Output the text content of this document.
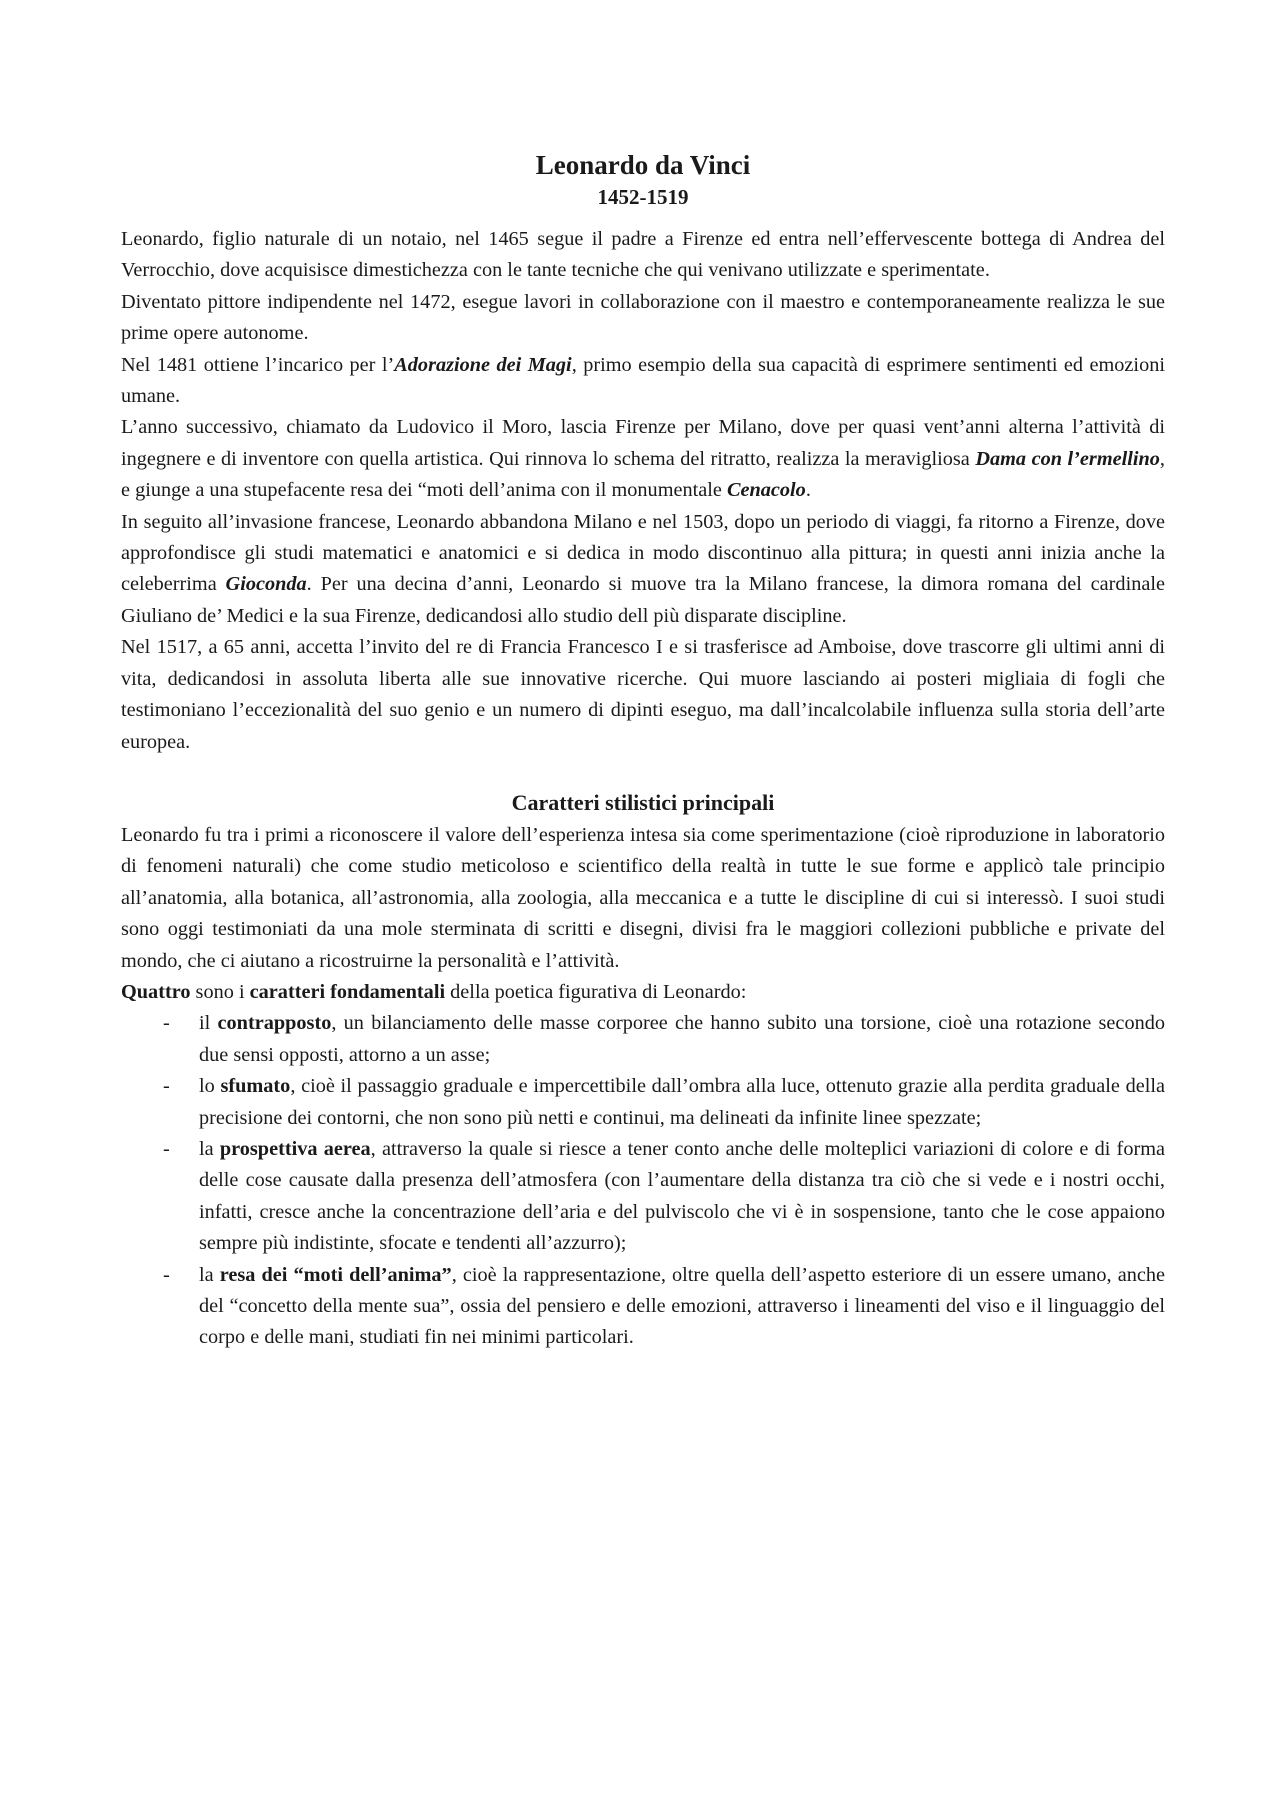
Leonardo da Vinci
1452-1519

Leonardo, figlio naturale di un notaio, nel 1465 segue il padre a Firenze ed entra nell’effervescente bottega di Andrea del Verrocchio, dove acquisisce dimestichezza con le tante tecniche che qui venivano utilizzate e sperimentate.

Diventato pittore indipendente nel 1472, esegue lavori in collaborazione con il maestro e contemporaneamente realizza le sue prime opere autonome.

Nel 1481 ottiene l’incarico per l’Adorazione dei Magi, primo esempio della sua capacità di esprimere sentimenti ed emozioni umane.

L’anno successivo, chiamato da Ludovico il Moro, lascia Firenze per Milano, dove per quasi vent’anni alterna l’attività di ingegnere e di inventore con quella artistica. Qui rinnova lo schema del ritratto, realizza la meravigliosa Dama con l’ermellino, e giunge a una stupefacente resa dei “moti dell’anima con il monumentale Cenacolo.

In seguito all’invasione francese, Leonardo abbandona Milano e nel 1503, dopo un periodo di viaggi, fa ritorno a Firenze, dove approfondisce gli studi matematici e anatomici e si dedica in modo discontinuo alla pittura; in questi anni inizia anche la celeberrima Gioconda. Per una decina d’anni, Leonardo si muove tra la Milano francese, la dimora romana del cardinale Giuliano de’ Medici e la sua Firenze, dedicandosi allo studio dell più disparate discipline.

Nel 1517, a 65 anni, accetta l’invito del re di Francia Francesco I e si trasferisce ad Amboise, dove trascorre gli ultimi anni di vita, dedicandosi in assoluta liberta alle sue innovative ricerche. Qui muore lasciando ai posteri migliaia di fogli che testimoniano l’eccezionalità del suo genio e un numero di dipinti eseguo, ma dall’incalcolabile influenza sulla storia dell’arte europea.

Caratteri stilistici principali

Leonardo fu tra i primi a riconoscere il valore dell’esperienza intesa sia come sperimentazione (cioè riproduzione in laboratorio di fenomeni naturali) che come studio meticoloso e scientifico della realtà in tutte le sue forme e applicò tale principio all’anatomia, alla botanica, all’astronomia, alla zoologia, alla meccanica e a tutte le discipline di cui si interessò. I suoi studi sono oggi testimoniati da una mole sterminata di scritti e disegni, divisi fra le maggiori collezioni pubbliche e private del mondo, che ci aiutano a ricostruirne la personalità e l’attività.

Quattro sono i caratteri fondamentali della poetica figurativa di Leonardo:

- il contrapposto, un bilanciamento delle masse corporee che hanno subito una torsione, cioè una rotazione secondo due sensi opposti, attorno a un asse;
- lo sfumato, cioè il passaggio graduale e impercettibile dall’ombra alla luce, ottenuto grazie alla perdita graduale della precisione dei contorni, che non sono più netti e continui, ma delineati da infinite linee spezzate;
- la prospettiva aerea, attraverso la quale si riesce a tener conto anche delle molteplici variazioni di colore e di forma delle cose causate dalla presenza dell’atmosfera (con l’aumentare della distanza tra ciò che si vede e i nostri occhi, infatti, cresce anche la concentrazione dell’aria e del pulviscolo che vi è in sospensione, tanto che le cose appaiono sempre più indistinte, sfocate e tendenti all’azzurro);
- la resa dei “moti dell’anima”, cioè la rappresentazione, oltre quella dell’aspetto esteriore di un essere umano, anche del “concetto della mente sua”, ossia del pensiero e delle emozioni, attraverso i lineamenti del viso e il linguaggio del corpo e delle mani, studiati fin nei minimi particolari.
